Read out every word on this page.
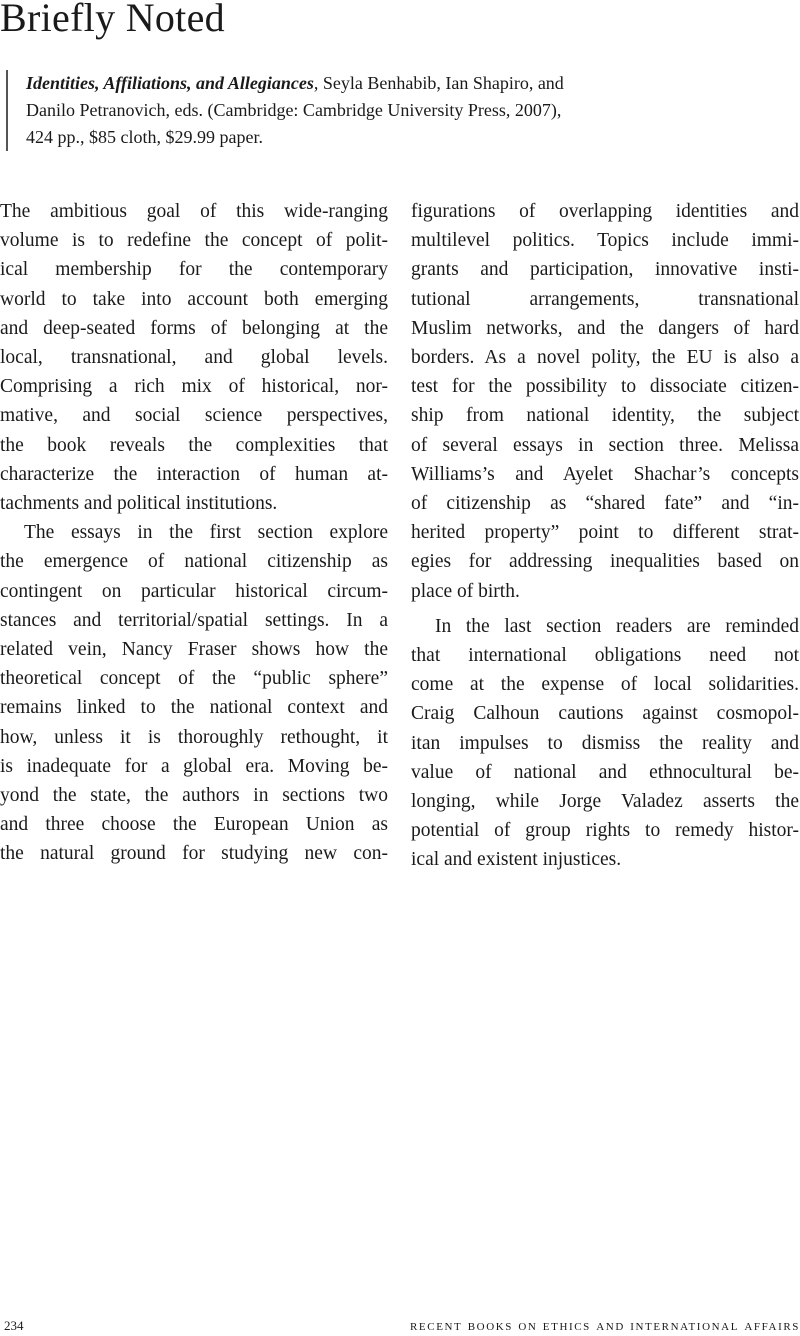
Briefly Noted
Identities, Affiliations, and Allegiances, Seyla Benhabib, Ian Shapiro, and
Danilo Petranovich, eds. (Cambridge: Cambridge University Press, 2007),
424 pp., $85 cloth, $29.99 paper.

The ambitious goal of this wide-ranging
volume is to redefine the concept of polit-
ical membership for the contemporary
world to take into account both emerging
and deep-seated forms of belonging at the
local, transnational, and global levels.
Comprising a rich mix of historical, nor-
mative, and social science perspectives,
the book reveals the complexities that
characterize the interaction of human at-
tachments and political institutions.

The essays in the first section explore
the emergence of national citizenship as
contingent on particular historical circum-
stances and territorial/spatial settings. In a
related vein, Nancy Fraser shows how the
theoretical concept of the “public sphere”
remains linked to the national context and
how, unless it is thoroughly rethought, it
is inadequate for a global era. Moving be-
yond the state, the authors in sections two
and three choose the European Union as
the natural ground for studying new con-

figurations of overlapping identities and
multilevel politics. Topics include immi-
grants and participation, innovative insti-
tutional arrangements, transnational
Muslim networks, and the dangers of hard
borders. As a novel polity, the EU is also a
test for the possibility to dissociate citizen-
ship from national identity, the subject
of several essays in section three. Melissa
Williams’s and Ayelet Shachar’s concepts
of citizenship as “shared fate” and “in-
herited property” point to different strat-
egies for addressing inequalities based on
place of birth.

In the last section readers are reminded
that international obligations need not
come at the expense of local solidarities.
Craig Calhoun cautions against cosmopol-
itan impulses to dismiss the reality and
value of national and ethnocultural be-
longing, while Jorge Valadez asserts the
potential of group rights to remedy histor-
ical and existent injustices.

234	recent books on ethics and international affairs
